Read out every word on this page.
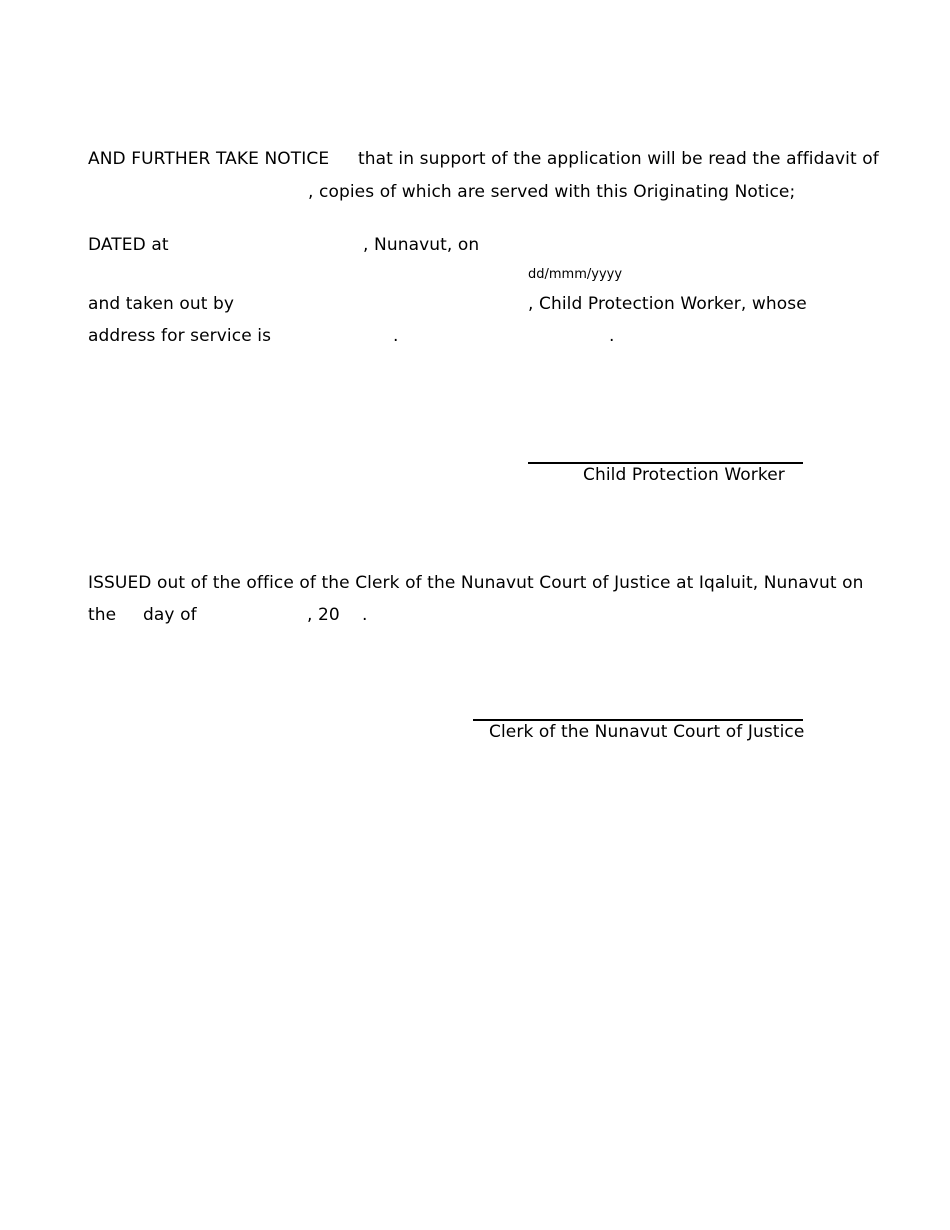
AND FURTHER TAKE NOTICE that in support of the application will be read the affidavit of
, copies of which are served with this Originating Notice;
DATED at	, Nunavut, on
dd/mmm/yyyy
and taken out by	, Child Protection Worker, whose
address for service is	.	.
Child Protection Worker
ISSUED out of the office of the Clerk of the Nunavut Court of Justice at Iqaluit, Nunavut on
the day of	, 20 .
Clerk of the Nunavut Court of Justice
